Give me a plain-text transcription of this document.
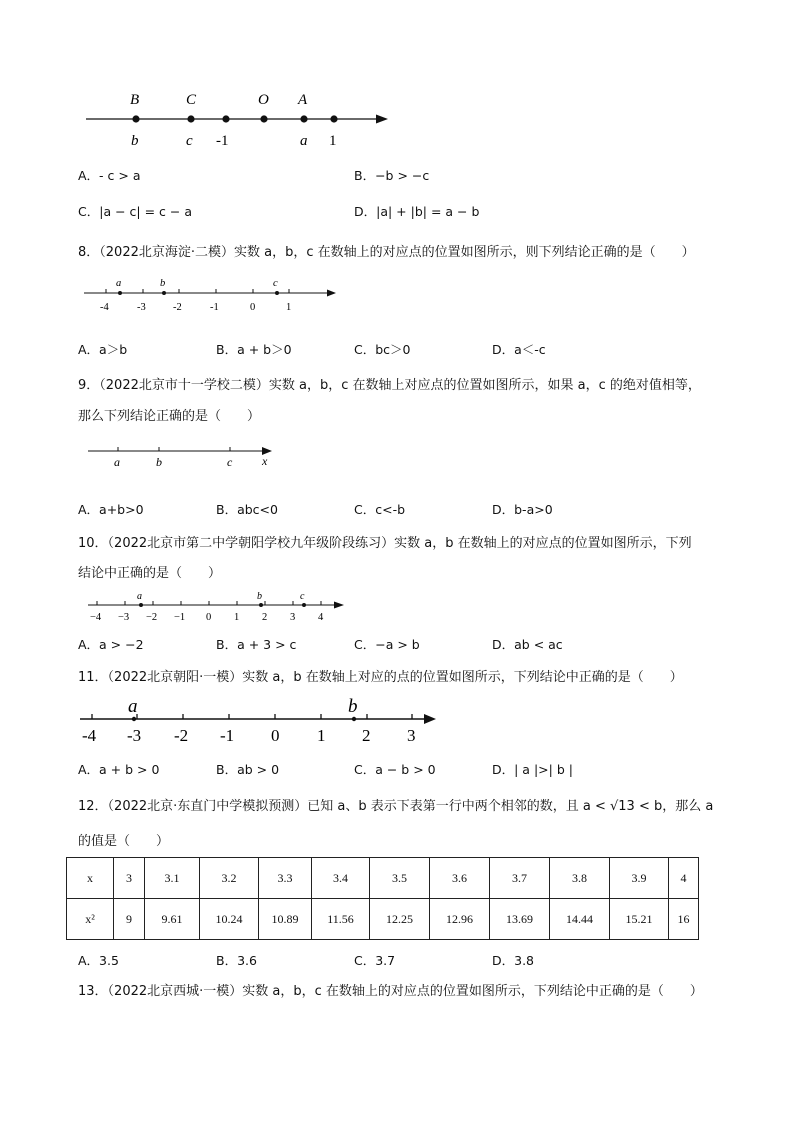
B	C	O A
b	c -1	a 1
A．- c > a	B．−b > −c
C．|a − c| = c − a	D．|a| + |b| = a − b
8．（2022北京海淀·二模）实数 a，b，c 在数轴上的对应点的位置如图所示，则下列结论正确的是（　　）
a	b	c
-4	-3	-2	-1	0	1
A．a＞b	B．a + b＞0	C．bc＞0	D．a＜-c
9．（2022北京市十一学校二模）实数 a，b，c 在数轴上对应点的位置如图所示，如果 a，c 的绝对值相等，
那么下列结论正确的是（　　）
a	b	c x
A．a+b>0	B．abc<0	C．c<-b	D．b-a>0
10．（2022北京市第二中学朝阳学校九年级阶段练习）实数 a，b 在数轴上的对应点的位置如图所示，下列
结论中正确的是（　　）
a	b	c
−4 −3 −2 −1 0 1 2 3 4
A．a > −2	B．a + 3 > c	C．−a > b	D．ab < ac
11．（2022北京朝阳·一模）实数 a，b 在数轴上对应的点的位置如图所示，下列结论中正确的是（　　）
a	b
-4 -3 -2 -1 0 1 2 3
A．a + b > 0	B．ab > 0	C．a − b > 0	D．| a |>| b |
12．（2022北京·东直门中学模拟预测）已知 a、b 表示下表第一行中两个相邻的数，且 a < √13 < b，那么 a
的值是（　　）
x	3	3.1	3.2	3.3	3.4	3.5	3.6	3.7	3.8	3.9	4
x²	9	9.61	10.24	10.89	11.56	12.25	12.96	13.69	14.44	15.21	16
A．3.5	B．3.6	C．3.7	D．3.8
13．（2022北京西城·一模）实数 a，b，c 在数轴上的对应点的位置如图所示，下列结论中正确的是（　　）
